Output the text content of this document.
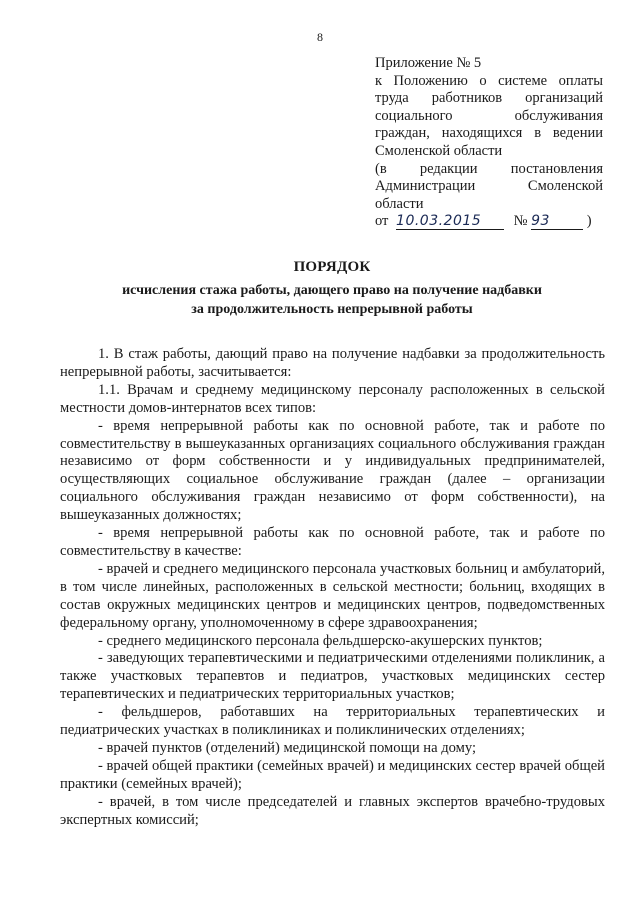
8
Приложение № 5
к Положению о системе оплаты
труда работников организаций
социального обслуживания
граждан, находящихся в ведении
Смоленской области
(в редакции постановления
Администрации Смоленской
области
от 10.03.2015 № 93	)
ПОРЯДОК
исчисления стажа работы, дающего право на получение надбавки
за продолжительность непрерывной работы

1. В стаж работы, дающий право на получение надбавки за продолжительность непрерывной работы, засчитывается:

1.1. Врачам и среднему медицинскому персоналу расположенных в сельской местности домов-интернатов всех типов:

- время непрерывной работы как по основной работе, так и работе по совместительству в вышеуказанных организациях социального обслуживания граждан независимо от форм собственности и у индивидуальных предпринимателей, осуществляющих социальное обслуживание граждан (далее – организации социального обслуживания граждан независимо от форм собственности), на вышеуказанных должностях;

- время непрерывной работы как по основной работе, так и работе по совместительству в качестве:

- врачей и среднего медицинского персонала участковых больниц и амбулаторий, в том числе линейных, расположенных в сельской местности; больниц, входящих в состав окружных медицинских центров и медицинских центров, подведомственных федеральному органу, уполномоченному в сфере здравоохранения;

- среднего медицинского персонала фельдшерско-акушерских пунктов;

- заведующих терапевтическими и педиатрическими отделениями поликлиник, а также участковых терапевтов и педиатров, участковых медицинских сестер терапевтических и педиатрических территориальных участков;

- фельдшеров, работавших на территориальных терапевтических и педиатрических участках в поликлиниках и поликлинических отделениях;

- врачей пунктов (отделений) медицинской помощи на дому;

- врачей общей практики (семейных врачей) и медицинских сестер врачей общей практики (семейных врачей);

- врачей, в том числе председателей и главных экспертов врачебно-трудовых экспертных комиссий;
